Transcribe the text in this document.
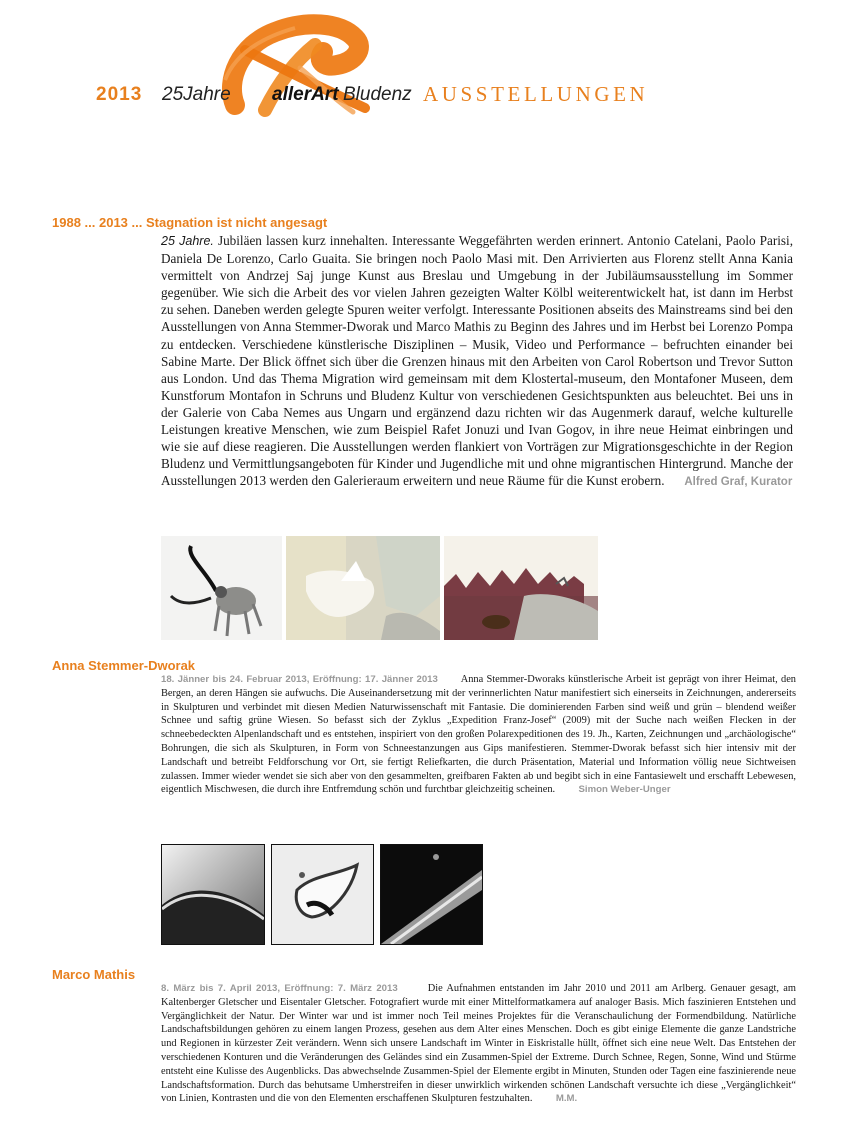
2013 25Jahre allerArt Bludenz AUSSTELLUNGEN
1988 ... 2013 ... Stagnation ist nicht angesagt
25 Jahre. Jubiläen lassen kurz innehalten. Interessante Weggefährten werden erinnert. Antonio Catelani, Paolo Parisi, Daniela De Lorenzo, Carlo Guaita. Sie bringen noch Paolo Masi mit. Den Arrivierten aus Florenz stellt Anna Kania vermittelt von Andrzej Saj junge Kunst aus Breslau und Umgebung in der Jubiläumsausstellung im Sommer gegenüber. Wie sich die Arbeit des vor vielen Jahren gezeigten Walter Kölbl weiterentwickelt hat, ist dann im Herbst zu sehen. Daneben werden gelegte Spuren weiter verfolgt. Interessante Positionen abseits des Mainstreams sind bei den Ausstellungen von Anna Stemmer-Dworak und Marco Mathis zu Beginn des Jahres und im Herbst bei Lorenzo Pompa zu entdecken. Verschiedene künstlerische Disziplinen – Musik, Video und Performance – befruchten einander bei Sabine Marte. Der Blick öffnet sich über die Grenzen hinaus mit den Arbeiten von Carol Robertson und Trevor Sutton aus London. Und das Thema Migration wird gemeinsam mit dem Klostertal-museum, den Montafoner Museen, dem Kunstforum Montafon in Schruns und Bludenz Kultur von verschiedenen Gesichtspunkten aus beleuchtet. Bei uns in der Galerie von Caba Nemes aus Ungarn und ergänzend dazu richten wir das Augenmerk darauf, welche kulturelle Leistungen kreative Menschen, wie zum Beispiel Rafet Jonuzi und Ivan Gogov, in ihre neue Heimat einbringen und wie sie auf diese reagieren. Die Ausstellungen werden flankiert von Vorträgen zur Migrationsgeschichte in der Region Bludenz und Vermittlungsangeboten für Kinder und Jugendliche mit und ohne migrantischen Hintergrund. Manche der Ausstellungen 2013 werden den Galerieraum erweitern und neue Räume für die Kunst erobern. Alfred Graf, Kurator
Anna Stemmer-Dworak
18. Jänner bis 24. Februar 2013, Eröffnung: 17. Jänner 2013 Anna Stemmer-Dworaks künstlerische Arbeit ist geprägt von ihrer Heimat, den Bergen, an deren Hängen sie aufwuchs. Die Auseinandersetzung mit der verinnerlichten Natur manifestiert sich einerseits in Zeichnungen, andererseits in Skulpturen und verbindet mit diesen Medien Naturwissenschaft mit Fantasie. Die dominierenden Farben sind weiß und grün – blendend weißer Schnee und saftig grüne Wiesen. So befasst sich der Zyklus „Expedition Franz-Josef“ (2009) mit der Suche nach weißen Flecken in der schneebedeckten Alpenlandschaft und es entstehen, inspiriert von den großen Polarexpeditionen des 19. Jh., Karten, Zeichnungen und „archäologische“ Bohrungen, die sich als Skulpturen, in Form von Schneestanzungen aus Gips manifestieren. Stemmer-Dworak befasst sich hier intensiv mit der Landschaft und betreibt Feldforschung vor Ort, sie fertigt Reliefkarten, die durch Präsentation, Material und Information völlig neue Sichtweisen zulassen. Immer wieder wendet sie sich aber von den gesammelten, greifbaren Fakten ab und begibt sich in eine Fantasiewelt und erschafft Lebewesen, eigentlich Mischwesen, die durch ihre Entfremdung schön und furchtbar gleichzeitig scheinen. Simon Weber-Unger
Marco Mathis
8. März bis 7. April 2013, Eröffnung: 7. März 2013	Die Aufnahmen entstanden im Jahr 2010 und 2011 am Arlberg. Genauer gesagt, am Kaltenberger Gletscher und Eisentaler Gletscher. Fotografiert wurde mit einer Mittelformatkamera auf analoger Basis. Mich faszinieren Entstehen und Vergänglichkeit der Natur. Der Winter war und ist immer noch Teil meines Projektes für die Veranschaulichung der Formendbildung. Natürliche Landschaftsbildungen gehören zu einem langen Prozess, gesehen aus dem Alter eines Menschen. Doch es gibt einige Elemente die ganze Landstriche und Regionen in kürzester Zeit verändern. Wenn sich unsere Landschaft im Winter in Eiskristalle hüllt, öffnet sich eine neue Welt. Das Entstehen der verschiedenen Konturen und die Veränderungen des Geländes sind ein Zusammen-Spiel der Extreme. Durch Schnee, Regen, Sonne, Wind und Stürme entsteht eine Kulisse des Augenblicks. Das abwechselnde Zusammen-Spiel der Elemente ergibt in Minuten, Stunden oder Tagen eine faszinierende neue Landschaftsformation. Durch das behutsame Umherstreifen in dieser unwirklich wirkenden schönen Landschaft versuchte ich diese „Vergänglichkeit“ von Linien, Kontrasten und die von den Elementen erschaffenen Skulpturen festzuhalten. M.M.
